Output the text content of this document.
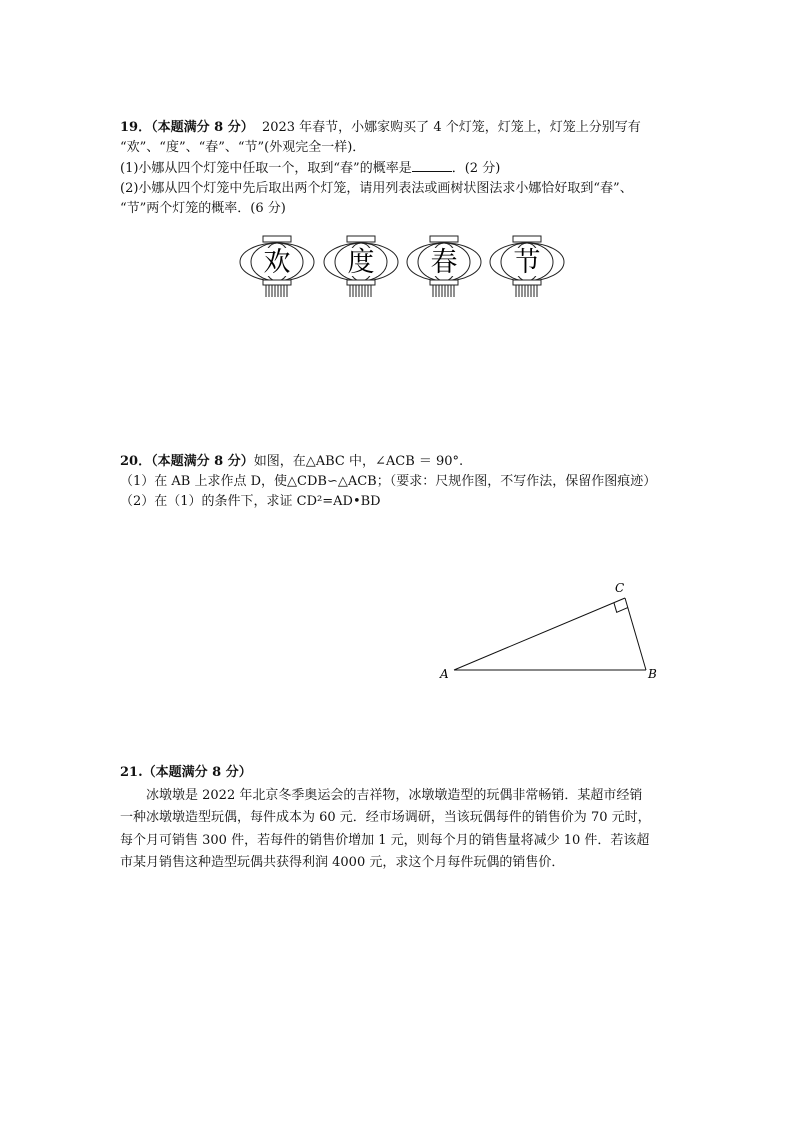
19．（本题满分 8 分） 2023 年春节，小娜家购买了 4 个灯笼，灯笼上，灯笼上分别写有
“欢”、“度”、“春”、“节”(外观完全一样)．
(1)小娜从四个灯笼中任取一个，取到“春”的概率是	．(2 分)
(2)小娜从四个灯笼中先后取出两个灯笼，请用列表法或画树状图法求小娜恰好取到“春”、
“节”两个灯笼的概率．(6 分)
欢 度 春 节
20．（本题满分 8 分）如图，在△ABC 中，∠ACB ＝ 90°.
（1）在 AB 上求作点 D，使△CDB∽△ACB；（要求：尺规作图，不写作法，保留作图痕迹）
（2）在（1）的条件下，求证 CD²=AD•BD
A	B
C
21.（本题满分 8 分）
冰墩墩是 2022 年北京冬季奥运会的吉祥物，冰墩墩造型的玩偶非常畅销．某超市经销
一种冰墩墩造型玩偶，每件成本为 60 元．经市场调研，当该玩偶每件的销售价为 70 元时，
每个月可销售 300 件，若每件的销售价增加 1 元，则每个月的销售量将减少 10 件．若该超
市某月销售这种造型玩偶共获得利润 4000 元，求这个月每件玩偶的销售价．
